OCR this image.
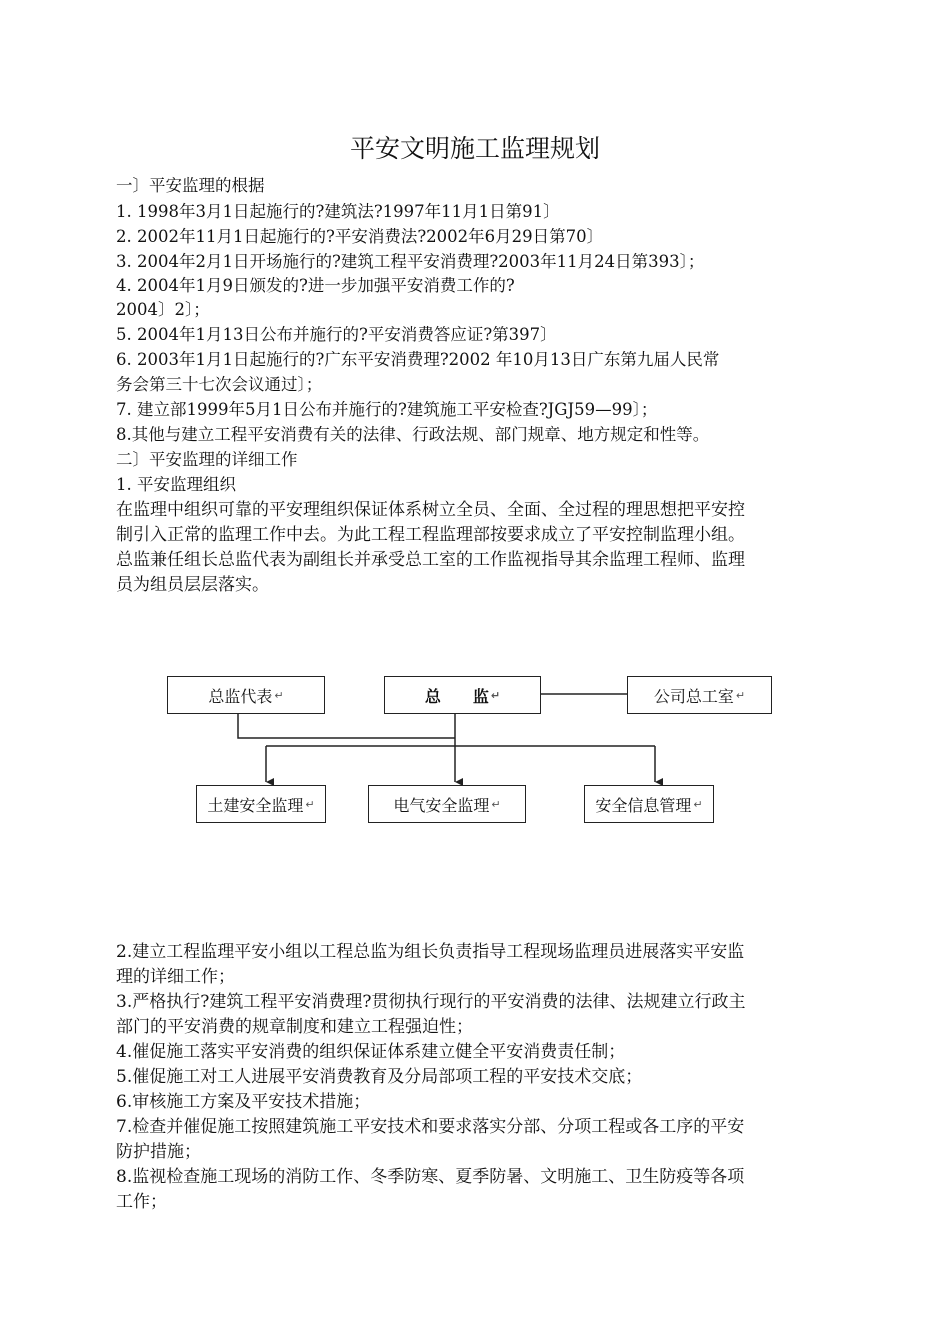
平安文明施工监理规划
一〕平安监理的根据
1. 1998年3月1日起施行的?建筑法?1997年11月1日第91〕
2. 2002年11月1日起施行的?平安消费法?2002年6月29日第70〕
3. 2004年2月1日开场施行的?建筑工程平安消费理?2003年11月24日第393〕；
4. 2004年1月9日颁发的?进一步加强平安消费工作的?
2004〕2〕；
5. 2004年1月13日公布并施行的?平安消费答应证?第397〕
6. 2003年1月1日起施行的?广东平安消费理?2002 年10月13日广东第九届人民常
务会第三十七次会议通过〕；
7. 建立部1999年5月1日公布并施行的?建筑施工平安检查?JGJ59—99〕；
8.其他与建立工程平安消费有关的法律、行政法规、部门规章、地方规定和性等。
二〕平安监理的详细工作
1. 平安监理组织
在监理中组织可靠的平安理组织保证体系树立全员、全面、全过程的理思想把平安控
制引入正常的监理工作中去。为此工程工程监理部按要求成立了平安控制监理小组。
总监兼任组长总监代表为副组长并承受总工室的工作监视指导其余监理工程师、监理
员为组员层层落实。
总监代表 ↵	总　　监 ↵	公司总工室 ↵
土建安全监理 ↵	电气安全监理 ↵	安全信息管理 ↵
2.建立工程监理平安小组以工程总监为组长负责指导工程现场监理员进展落实平安监
理的详细工作；
3.严格执行?建筑工程平安消费理?贯彻执行现行的平安消费的法律、法规建立行政主
部门的平安消费的规章制度和建立工程强迫性；
4.催促施工落实平安消费的组织保证体系建立健全平安消费责任制；
5.催促施工对工人进展平安消费教育及分局部项工程的平安技术交底；
6.审核施工方案及平安技术措施；
7.检查并催促施工按照建筑施工平安技术和要求落实分部、分项工程或各工序的平安
防护措施；
8.监视检查施工现场的消防工作、冬季防寒、夏季防暑、文明施工、卫生防疫等各项
工作；
